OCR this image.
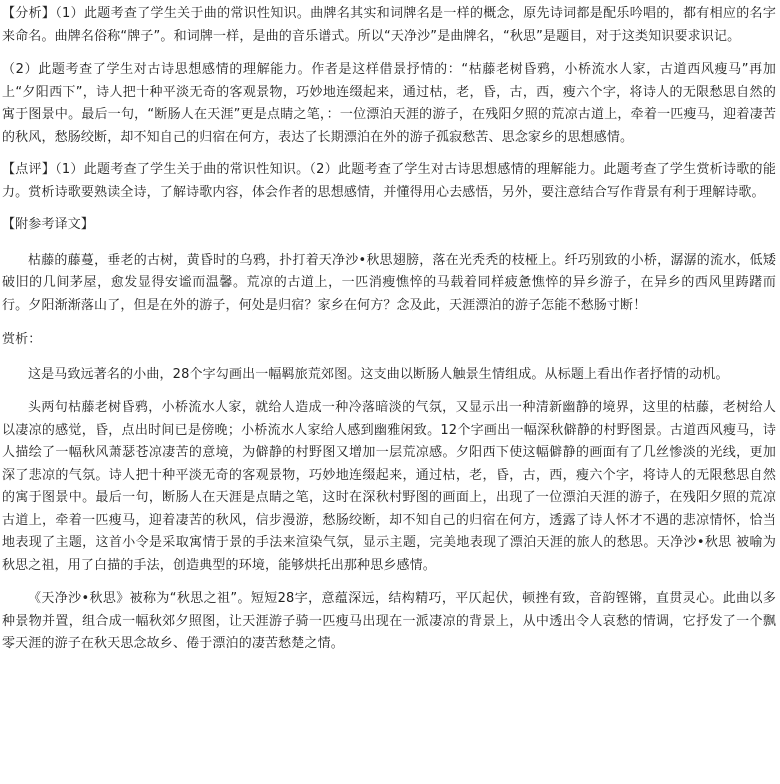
【分析】（1）此题考查了学生关于曲的常识性知识。曲牌名其实和词牌名是一样的概念，原先诗词都是配乐吟唱的，都有相应的名字来命名。曲牌名俗称“牌子”。和词牌一样，是曲的音乐谱式。所以“天净沙”是曲牌名，“秋思”是题目，对于这类知识要求识记。

（2）此题考查了学生对古诗思想感情的理解能力。作者是这样借景抒情的：“枯藤老树昏鸦，小桥流水人家，古道西风瘦马”再加上“夕阳西下”，诗人把十种平淡无奇的客观景物，巧妙地连缀起来，通过枯，老，昏，古，西，瘦六个字，将诗人的无限愁思自然的寓于图景中。最后一句，“断肠人在天涯”更是点睛之笔，：一位漂泊天涯的游子，在残阳夕照的荒凉古道上，牵着一匹瘦马，迎着凄苦的秋风，愁肠绞断，却不知自己的归宿在何方，表达了长期漂泊在外的游子孤寂愁苦、思念家乡的思想感情。

【点评】（1）此题考查了学生关于曲的常识性知识。（2）此题考查了学生对古诗思想感情的理解能力。此题考查了学生赏析诗歌的能力。赏析诗歌要熟读全诗，了解诗歌内容，体会作者的思想感情，并懂得用心去感悟，另外，要注意结合写作背景有利于理解诗歌。

【附参考译文】

枯藤的藤蔓，垂老的古树，黄昏时的乌鸦，扑打着天净沙•秋思翅膀，落在光秃秃的枝桠上。纤巧别致的小桥，潺潺的流水，低矮破旧的几间茅屋，愈发显得安谧而温馨。荒凉的古道上，一匹消瘦憔悴的马载着同样疲惫憔悴的异乡游子，在异乡的西风里踌躇而行。夕阳渐渐落山了，但是在外的游子，何处是归宿？家乡在何方？念及此，天涯漂泊的游子怎能不愁肠寸断！

赏析：

这是马致远著名的小曲，28个字勾画出一幅羁旅荒郊图。这支曲以断肠人触景生情组成。从标题上看出作者抒情的动机。

头两句枯藤老树昏鸦，小桥流水人家，就给人造成一种冷落暗淡的气氛，又显示出一种清新幽静的境界，这里的枯藤，老树给人以凄凉的感觉，昏，点出时间已是傍晚；小桥流水人家给人感到幽雅闲致。12个字画出一幅深秋僻静的村野图景。古道西风瘦马，诗人描绘了一幅秋风萧瑟苍凉凄苦的意境，为僻静的村野图又增加一层荒凉感。夕阳西下使这幅僻静的画面有了几丝惨淡的光线，更加深了悲凉的气氛。诗人把十种平淡无奇的客观景物，巧妙地连缀起来，通过枯，老，昏，古，西，瘦六个字，将诗人的无限愁思自然的寓于图景中。最后一句，断肠人在天涯是点睛之笔，这时在深秋村野图的画面上，出现了一位漂泊天涯的游子，在残阳夕照的荒凉古道上，牵着一匹瘦马，迎着凄苦的秋风，信步漫游，愁肠绞断，却不知自己的归宿在何方，透露了诗人怀才不遇的悲凉情怀，恰当地表现了主题，这首小令是采取寓情于景的手法来渲染气氛，显示主题，完美地表现了漂泊天涯的旅人的愁思。天净沙•秋思 被喻为秋思之祖，用了白描的手法，创造典型的环境，能够烘托出那种思乡感情。

《天净沙•秋思》被称为“秋思之祖”。短短28字，意蕴深远，结构精巧，平仄起伏，顿挫有致，音韵铿锵，直贯灵心。此曲以多种景物并置，组合成一幅秋郊夕照图，让天涯游子骑一匹瘦马出现在一派凄凉的背景上，从中透出令人哀愁的情调，它抒发了一个飘零天涯的游子在秋天思念故乡、倦于漂泊的凄苦愁楚之情。
